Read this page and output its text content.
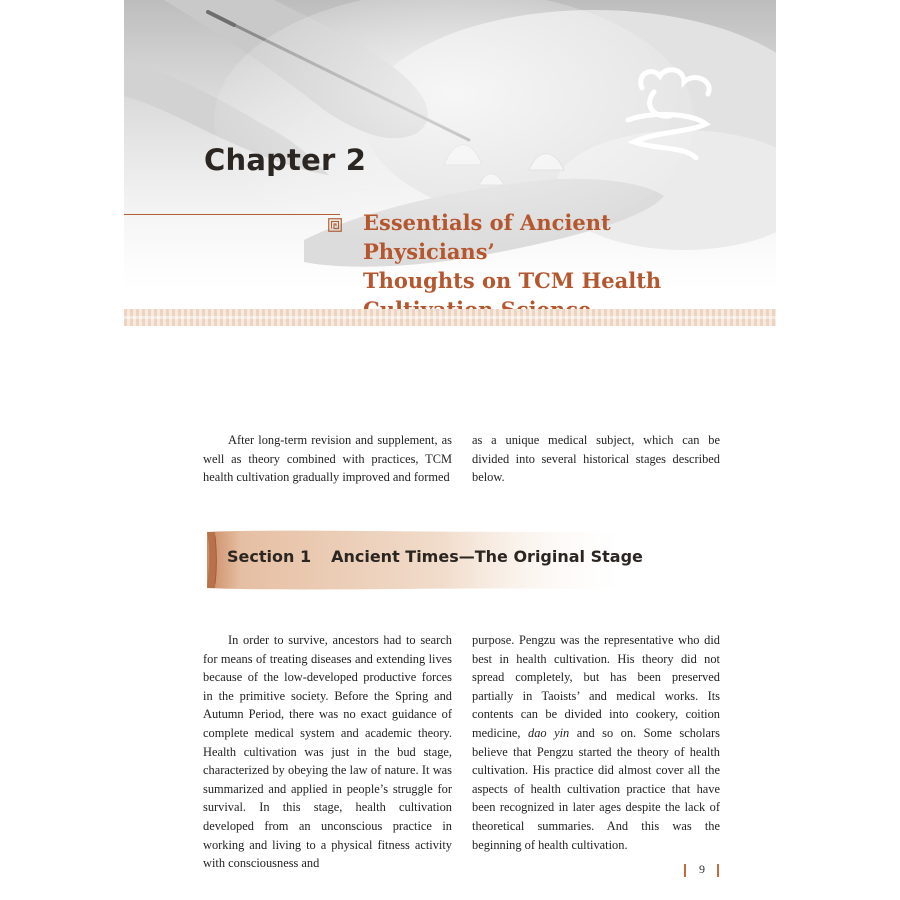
Chapter 2
Essentials of Ancient Physicians’
Thoughts on TCM Health

After long-term revision and supplement, as well as theory combined with practices, TCM health cultivation gradually improved and formed

as a unique medical subject, which can be divided into several historical stages described below.

Section 1 Ancient Times—The Original Stage

In order to survive, ancestors had to search for means of treating diseases and extending lives because of the low-developed productive forces in the primitive society. Before the Spring and Autumn Period, there was no exact guidance of complete medical system and academic theory. Health cultivation was just in the bud stage, characterized by obeying the law of nature. It was summarized and applied in people’s struggle for survival. In this stage, health cultivation developed from an unconscious practice in working and living to a physical fitness activity with consciousness and

purpose. Pengzu was the representative who did best in health cultivation. His theory did not spread completely, but has been preserved partially in Taoists’ and medical works. Its contents can be divided into cookery, coition medicine, dao yin and so on. Some scholars believe that Pengzu started the theory of health cultivation. His practice did almost cover all the aspects of health cultivation practice that have been recognized in later ages despite the lack of theoretical summaries. And this was the beginning of health cultivation.

9
